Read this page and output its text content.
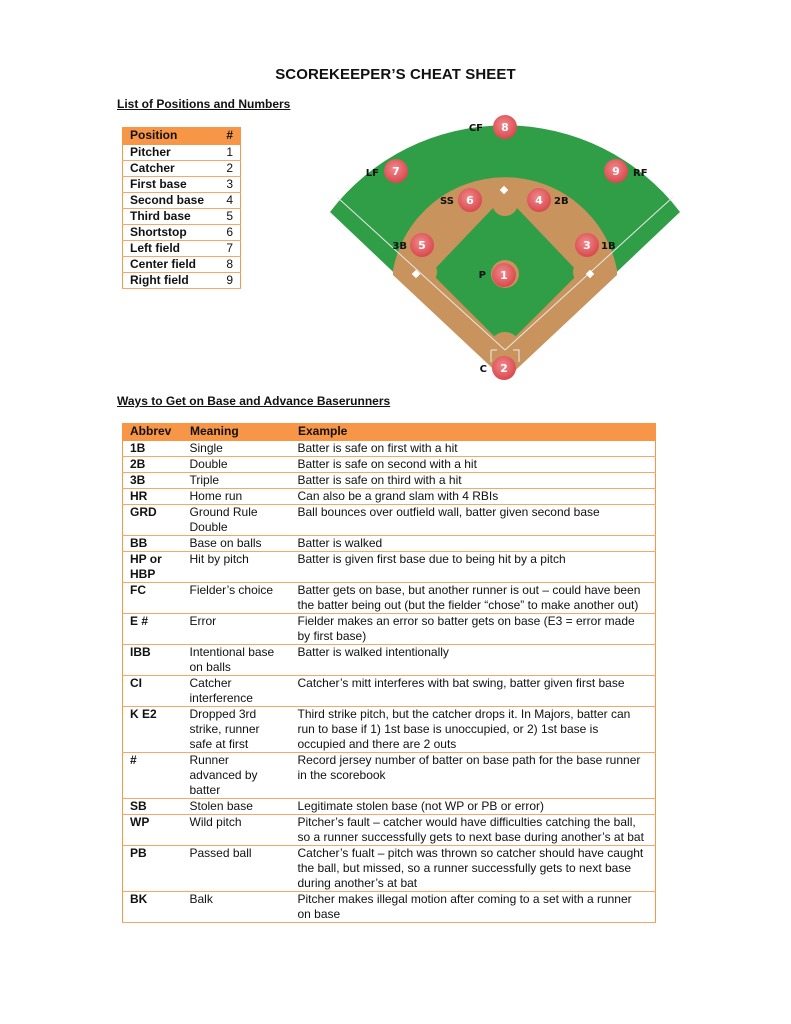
SCOREKEEPER’S CHEAT SHEET
List of Positions and Numbers
Position	#
Pitcher	1
Catcher	2
First base	3
Second base	4
Third base	5
Shortstop	6
Left field	7
Center field	8
Right field	9
8
CF
7
LF	9 RF
6
SS	4 2B
5
3B	3 1B
1
P
2
C
Ways to Get on Base and Advance Baserunners
Abbrev	Meaning	Example
1B	Single	Batter is safe on first with a hit
2B	Double	Batter is safe on second with a hit
3B	Triple	Batter is safe on third with a hit
HR	Home run	Can also be a grand slam with 4 RBIs
GRD	Ground Rule Double	Ball bounces over outfield wall, batter given second base
BB	Base on balls	Batter is walked
HP or HBP	Hit by pitch	Batter is given first base due to being hit by a pitch
FC	Fielder’s choice	Batter gets on base, but another runner is out – could have been the batter being out (but the fielder “chose” to make another out)
E #	Error	Fielder makes an error so batter gets on base (E3 = error made by first base)
IBB	Intentional base on balls	Batter is walked intentionally
CI	Catcher interference	Catcher’s mitt interferes with bat swing, batter given first base
K E2	Dropped 3rd strike, runner safe at first	Third strike pitch, but the catcher drops it. In Majors, batter can run to base if 1) 1st base is unoccupied, or 2) 1st base is occupied and there are 2 outs
#	Runner advanced by batter	Record jersey number of batter on base path for the base runner in the scorebook
SB	Stolen base	Legitimate stolen base (not WP or PB or error)
WP	Wild pitch	Pitcher’s fault – catcher would have difficulties catching the ball, so a runner successfully gets to next base during another’s at bat
PB	Passed ball	Catcher’s fualt – pitch was thrown so catcher should have caught the ball, but missed, so a runner successfully gets to next base during another’s at bat
BK	Balk	Pitcher makes illegal motion after coming to a set with a runner on base
